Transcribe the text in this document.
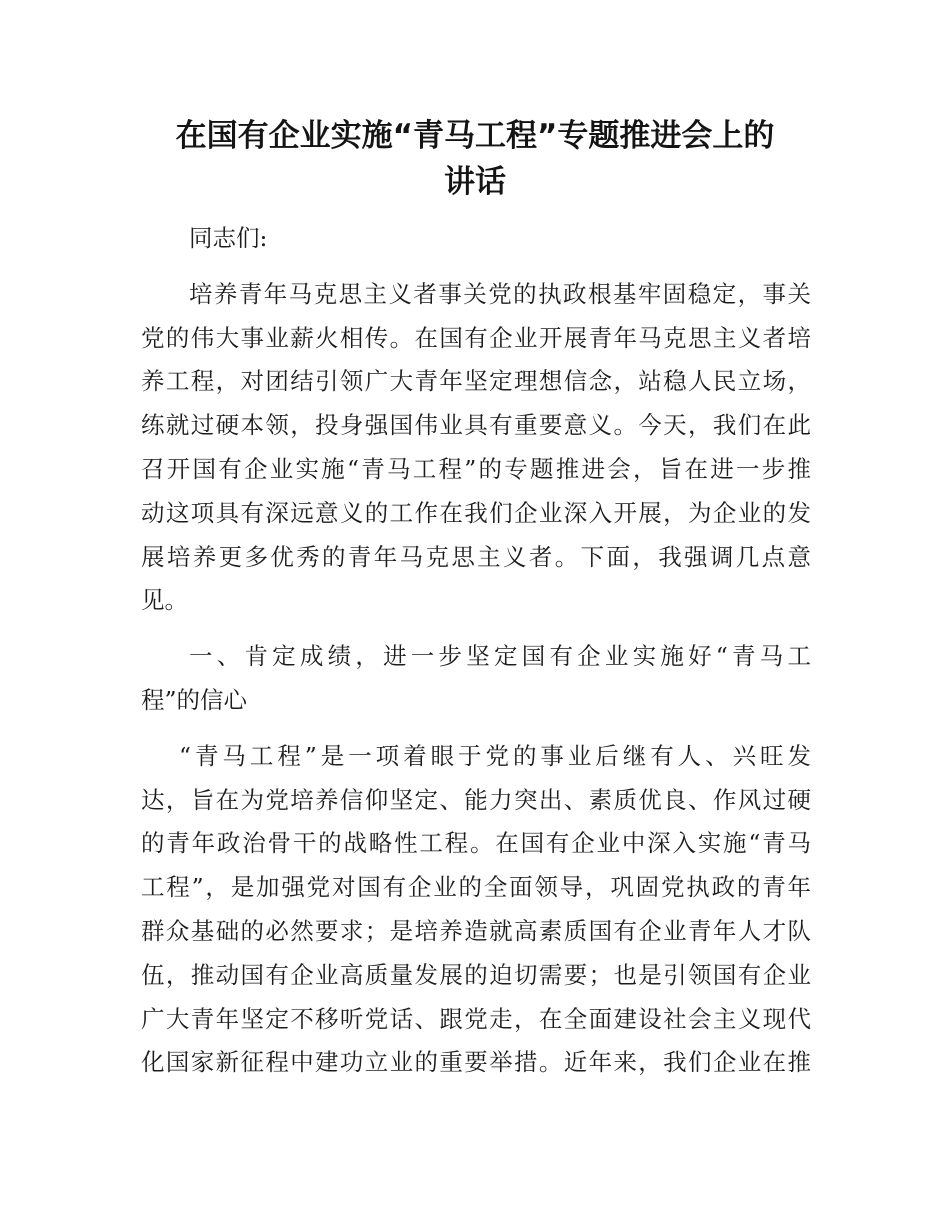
在国有企业实施“青马工程”专题推进会上的
讲话

同志们:

培养青年马克思主义者事关党的执政根基牢固稳定，事关
党的伟大事业薪火相传。在国有企业开展青年马克思主义者培
养工程，对团结引领广大青年坚定理想信念，站稳人民立场，
练就过硬本领，投身强国伟业具有重要意义。今天，我们在此
召开国有企业实施“青马工程”的专题推进会，旨在进一步推
动这项具有深远意义的工作在我们企业深入开展，为企业的发
展培养更多优秀的青年马克思主义者。下面，我强调几点意
见。

一、肯定成绩，进一步坚定国有企业实施好“青马工
程”的信心

“青马工程”是一项着眼于党的事业后继有人、兴旺发
达，旨在为党培养信仰坚定、能力突出、素质优良、作风过硬
的青年政治骨干的战略性工程。在国有企业中深入实施“青马
工程”，是加强党对国有企业的全面领导，巩固党执政的青年
群众基础的必然要求；是培养造就高素质国有企业青年人才队
伍，推动国有企业高质量发展的迫切需要；也是引领国有企业
广大青年坚定不移听党话、跟党走，在全面建设社会主义现代
化国家新征程中建功立业的重要举措。近年来，我们企业在推
